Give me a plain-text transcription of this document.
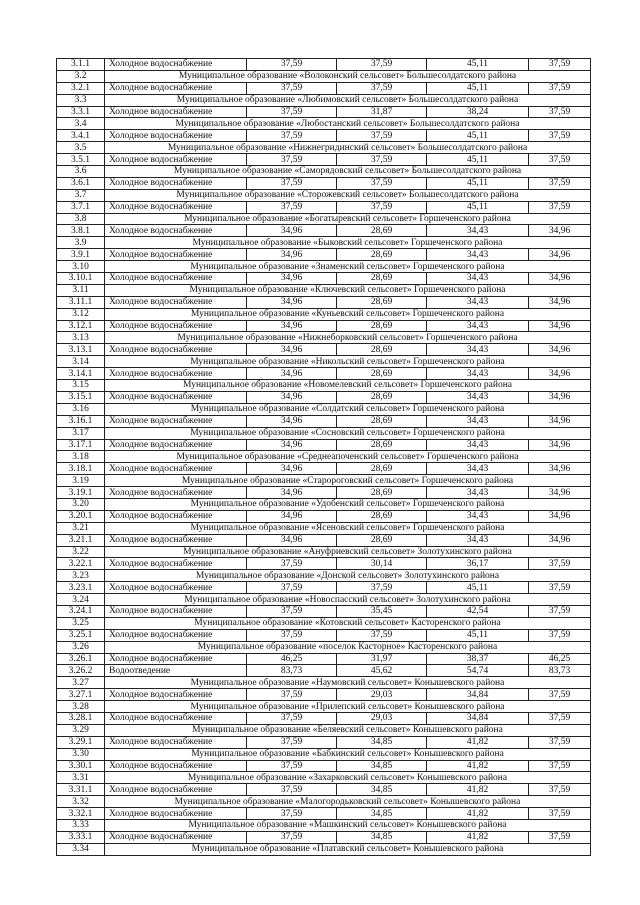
3.1.1	Холодное водоснабжение	37,59	37,59	45,11	37,59
3.2	Муниципальное образование «Волоконский сельсовет» Большесолдатского района				
3.2.1	Холодное водоснабжение	37,59	37,59	45,11	37,59
3.3	Муниципальное образование «Любимовский сельсовет» Большесолдатского района				
3.3.1	Холодное водоснабжение	37,59	31,87	38,24	37,59
3.4	Муниципальное образование «Любостанский сельсовет» Большесолдатского района				
3.4.1	Холодное водоснабжение	37,59	37,59	45,11	37,59
3.5	Муниципальное образование «Нижнегридинский сельсовет» Большесолдатского района				
3.5.1	Холодное водоснабжение	37,59	37,59	45,11	37,59
3.6	Муниципальное образование «Саморядовский сельсовет» Большесолдатского района				
3.6.1	Холодное водоснабжение	37,59	37,59	45,11	37,59
3.7	Муниципальное образование «Сторожевский сельсовет» Большесолдатского района				
3.7.1	Холодное водоснабжение	37,59	37,59	45,11	37,59
3.8	Муниципальное образование «Богатыревский сельсовет» Горшеченского района				
3.8.1	Холодное водоснабжение	34,96	28,69	34,43	34,96
3.9	Муниципальное образование «Быковский сельсовет» Горшеченского района				
3.9.1	Холодное водоснабжение	34,96	28,69	34,43	34,96
3.10	Муниципальное образование «Знаменский сельсовет» Горшеченского района				
3.10.1	Холодное водоснабжение	34,96	28,69	34,43	34,96
3.11	Муниципальное образование «Ключевский сельсовет» Горшеченского района				
3.11.1	Холодное водоснабжение	34,96	28,69	34,43	34,96
3.12	Муниципальное образование «Куньевский сельсовет» Горшеченского района				
3.12.1	Холодное водоснабжение	34,96	28,69	34,43	34,96
3.13	Муниципальное образование «Нижнеборковский сельсовет» Горшеченского района				
3.13.1	Холодное водоснабжение	34,96	28,69	34,43	34,96
3.14	Муниципальное образование «Никольский сельсовет» Горшеченского района				
3.14.1	Холодное водоснабжение	34,96	28,69	34,43	34,96
3.15	Муниципальное образование «Новомелевский сельсовет» Горшеченского района				
3.15.1	Холодное водоснабжение	34,96	28,69	34,43	34,96
3.16	Муниципальное образование «Солдатский сельсовет» Горшеченского района				
3.16.1	Холодное водоснабжение	34,96	28,69	34,43	34,96
3.17	Муниципальное образование «Сосновский сельсовет» Горшеченского района				
3.17.1	Холодное водоснабжение	34,96	28,69	34,43	34,96
3.18	Муниципальное образование «Среднеапоченский сельсовет» Горшеченского района				
3.18.1	Холодное водоснабжение	34,96	28,69	34,43	34,96
3.19	Муниципальное образование «Старороговский сельсовет» Горшеченского района				
3.19.1	Холодное водоснабжение	34,96	28,69	34,43	34,96
3.20	Муниципальное образование «Удобенский сельсовет» Горшеченского района				
3.20.1	Холодное водоснабжение	34,96	28,69	34,43	34,96
3.21	Муниципальное образование «Ясеновский сельсовет» Горшеченского района				
3.21.1	Холодное водоснабжение	34,96	28,69	34,43	34,96
3.22	Муниципальное образование «Ануфриевский сельсовет» Золотухинского района				
3.22.1	Холодное водоснабжение	37,59	30,14	36,17	37,59
3.23	Муниципальное образование «Донской сельсовет» Золотухинского района				
3.23.1	Холодное водоснабжение	37,59	37,59	45,11	37,59
3.24	Муниципальное образование «Новоспасский сельсовет» Золотухинского района				
3.24.1	Холодное водоснабжение	37,59	35,45	42,54	37,59
3.25	Муниципальное образование «Котовский сельсовет» Касторенского района				
3.25.1	Холодное водоснабжение	37,59	37,59	45,11	37,59
3.26	Муниципальное образование «поселок Касторное» Касторенского района				
3.26.1	Холодное водоснабжение	46,25	31,97	38,37	46,25
3.26.2	Водоотведение	83,73	45,62	54,74	83,73
3.27	Муниципальное образование «Наумовский сельсовет» Конышевского района				
3.27.1	Холодное водоснабжение	37,59	29,03	34,84	37,59
3.28	Муниципальное образование «Прилепский сельсовет» Конышевского района				
3.28.1	Холодное водоснабжение	37,59	29,03	34,84	37,59
3.29	Муниципальное образование «Беляевский сельсовет» Конышевского района				
3.29.1	Холодное водоснабжение	37,59	34,85	41,82	37,59
3.30	Муниципальное образование «Бабкинский сельсовет» Конышевского района				
3.30.1	Холодное водоснабжение	37,59	34,85	41,82	37,59
3.31	Муниципальное образование «Захарковский сельсовет» Конышевского района				
3.31.1	Холодное водоснабжение	37,59	34,85	41,82	37,59
3.32	Муниципальное образование «Малогородьковский сельсовет» Конышевского района				
3.32.1	Холодное водоснабжение	37,59	34,85	41,82	37,59
3.33	Муниципальное образование «Машкинский сельсовет» Конышевского района				
3.33.1	Холодное водоснабжение	37,59	34,85	41,82	37,59
3.34	Муниципальное образование «Платавский сельсовет» Конышевского района				
